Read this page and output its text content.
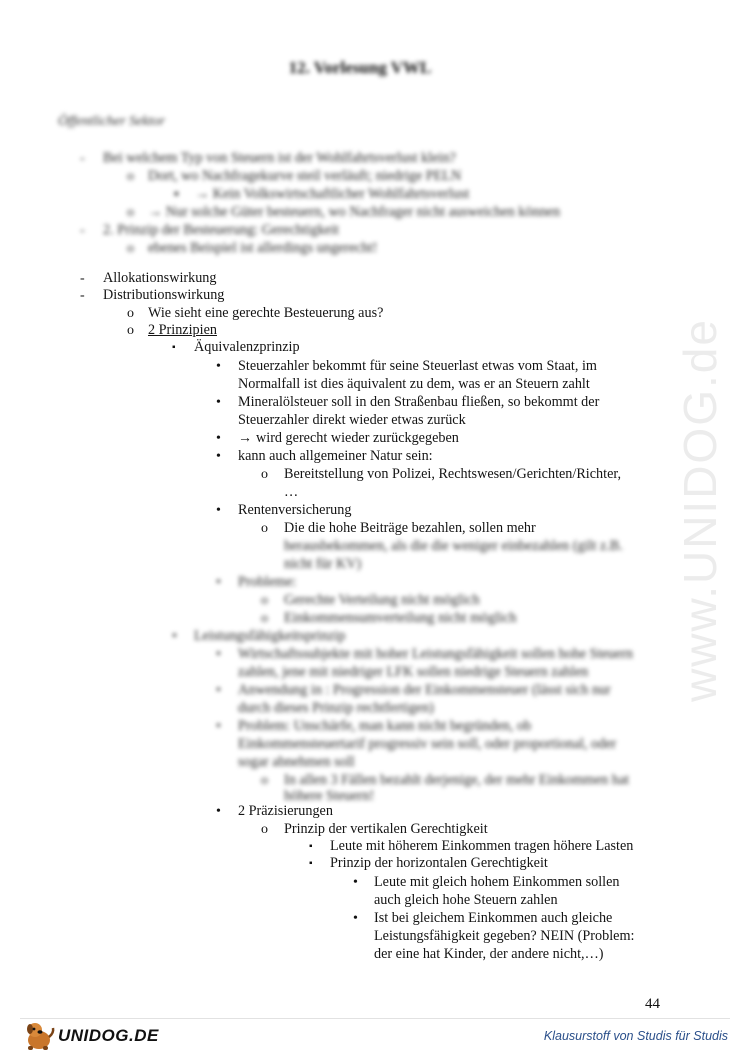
www.UNIDOG.de
12. Vorlesung VWL
Öffentlicher Sektor
- Bei welchem Typ von Steuern ist der Wohlfahrtsverlust klein?
o Dort, wo Nachfragekurve steil verläuft; niedrige PELN
▪ → Kein Volkswirtschaftlicher Wohlfahrtsverlust
o → Nur solche Güter besteuern, wo Nachfrager nicht ausweichen können
- 2. Prinzip der Besteuerung: Gerechtigkeit
o ebenes Beispiel ist allerdings ungerecht!
- Allokationswirkung
- Distributionswirkung
o Wie sieht eine gerechte Besteuerung aus?
o 2 Prinzipien
▪ Äquivalenzprinzip
• Steuerzahler bekommt für seine Steuerlast etwas vom Staat, im
Normalfall ist dies äquivalent zu dem, was er an Steuern zahlt
• Mineralölsteuer soll in den Straßenbau fließen, so bekommt der
Steuerzahler direkt wieder etwas zurück
• → wird gerecht wieder zurückgegeben
• kann auch allgemeiner Natur sein:
o Bereitstellung von Polizei, Rechtswesen/Gerichten/Richter,
…
• Rentenversicherung
o Die die hohe Beiträge bezahlen, sollen mehr
herausbekommen, als die die weniger einbezahlen (gilt z.B.
nicht für KV)
• Probleme:
o Gerechte Verteilung nicht möglich
o Einkommensumverteilung nicht möglich
• Leistungsfähigkeitsprinzip
• Wirtschaftssubjekte mit hoher Leistungsfähigkeit sollen hohe Steuern
zahlen, jene mit niedriger LFK sollen niedrige Steuern zahlen
• Anwendung in : Progression der Einkommensteuer (lässt sich nur
durch dieses Prinzip rechtfertigen)
• Problem: Unschärfe, man kann nicht begründen, ob
Einkommensteuertarif progressiv sein soll, oder proportional, oder
sogar abnehmen soll
o In allen 3 Fällen bezahlt derjenige, der mehr Einkommen hat
höhere Steuern!
• 2 Präzisierungen
o Prinzip der vertikalen Gerechtigkeit
▪ Leute mit höherem Einkommen tragen höhere Lasten
▪ Prinzip der horizontalen Gerechtigkeit
• Leute mit gleich hohem Einkommen sollen
auch gleich hohe Steuern zahlen
• Ist bei gleichem Einkommen auch gleiche
Leistungsfähigkeit gegeben? NEIN (Problem:
der eine hat Kinder, der andere nicht,…)
44
UNIDOG.DE	Klausurstoff von Studis für Studis
